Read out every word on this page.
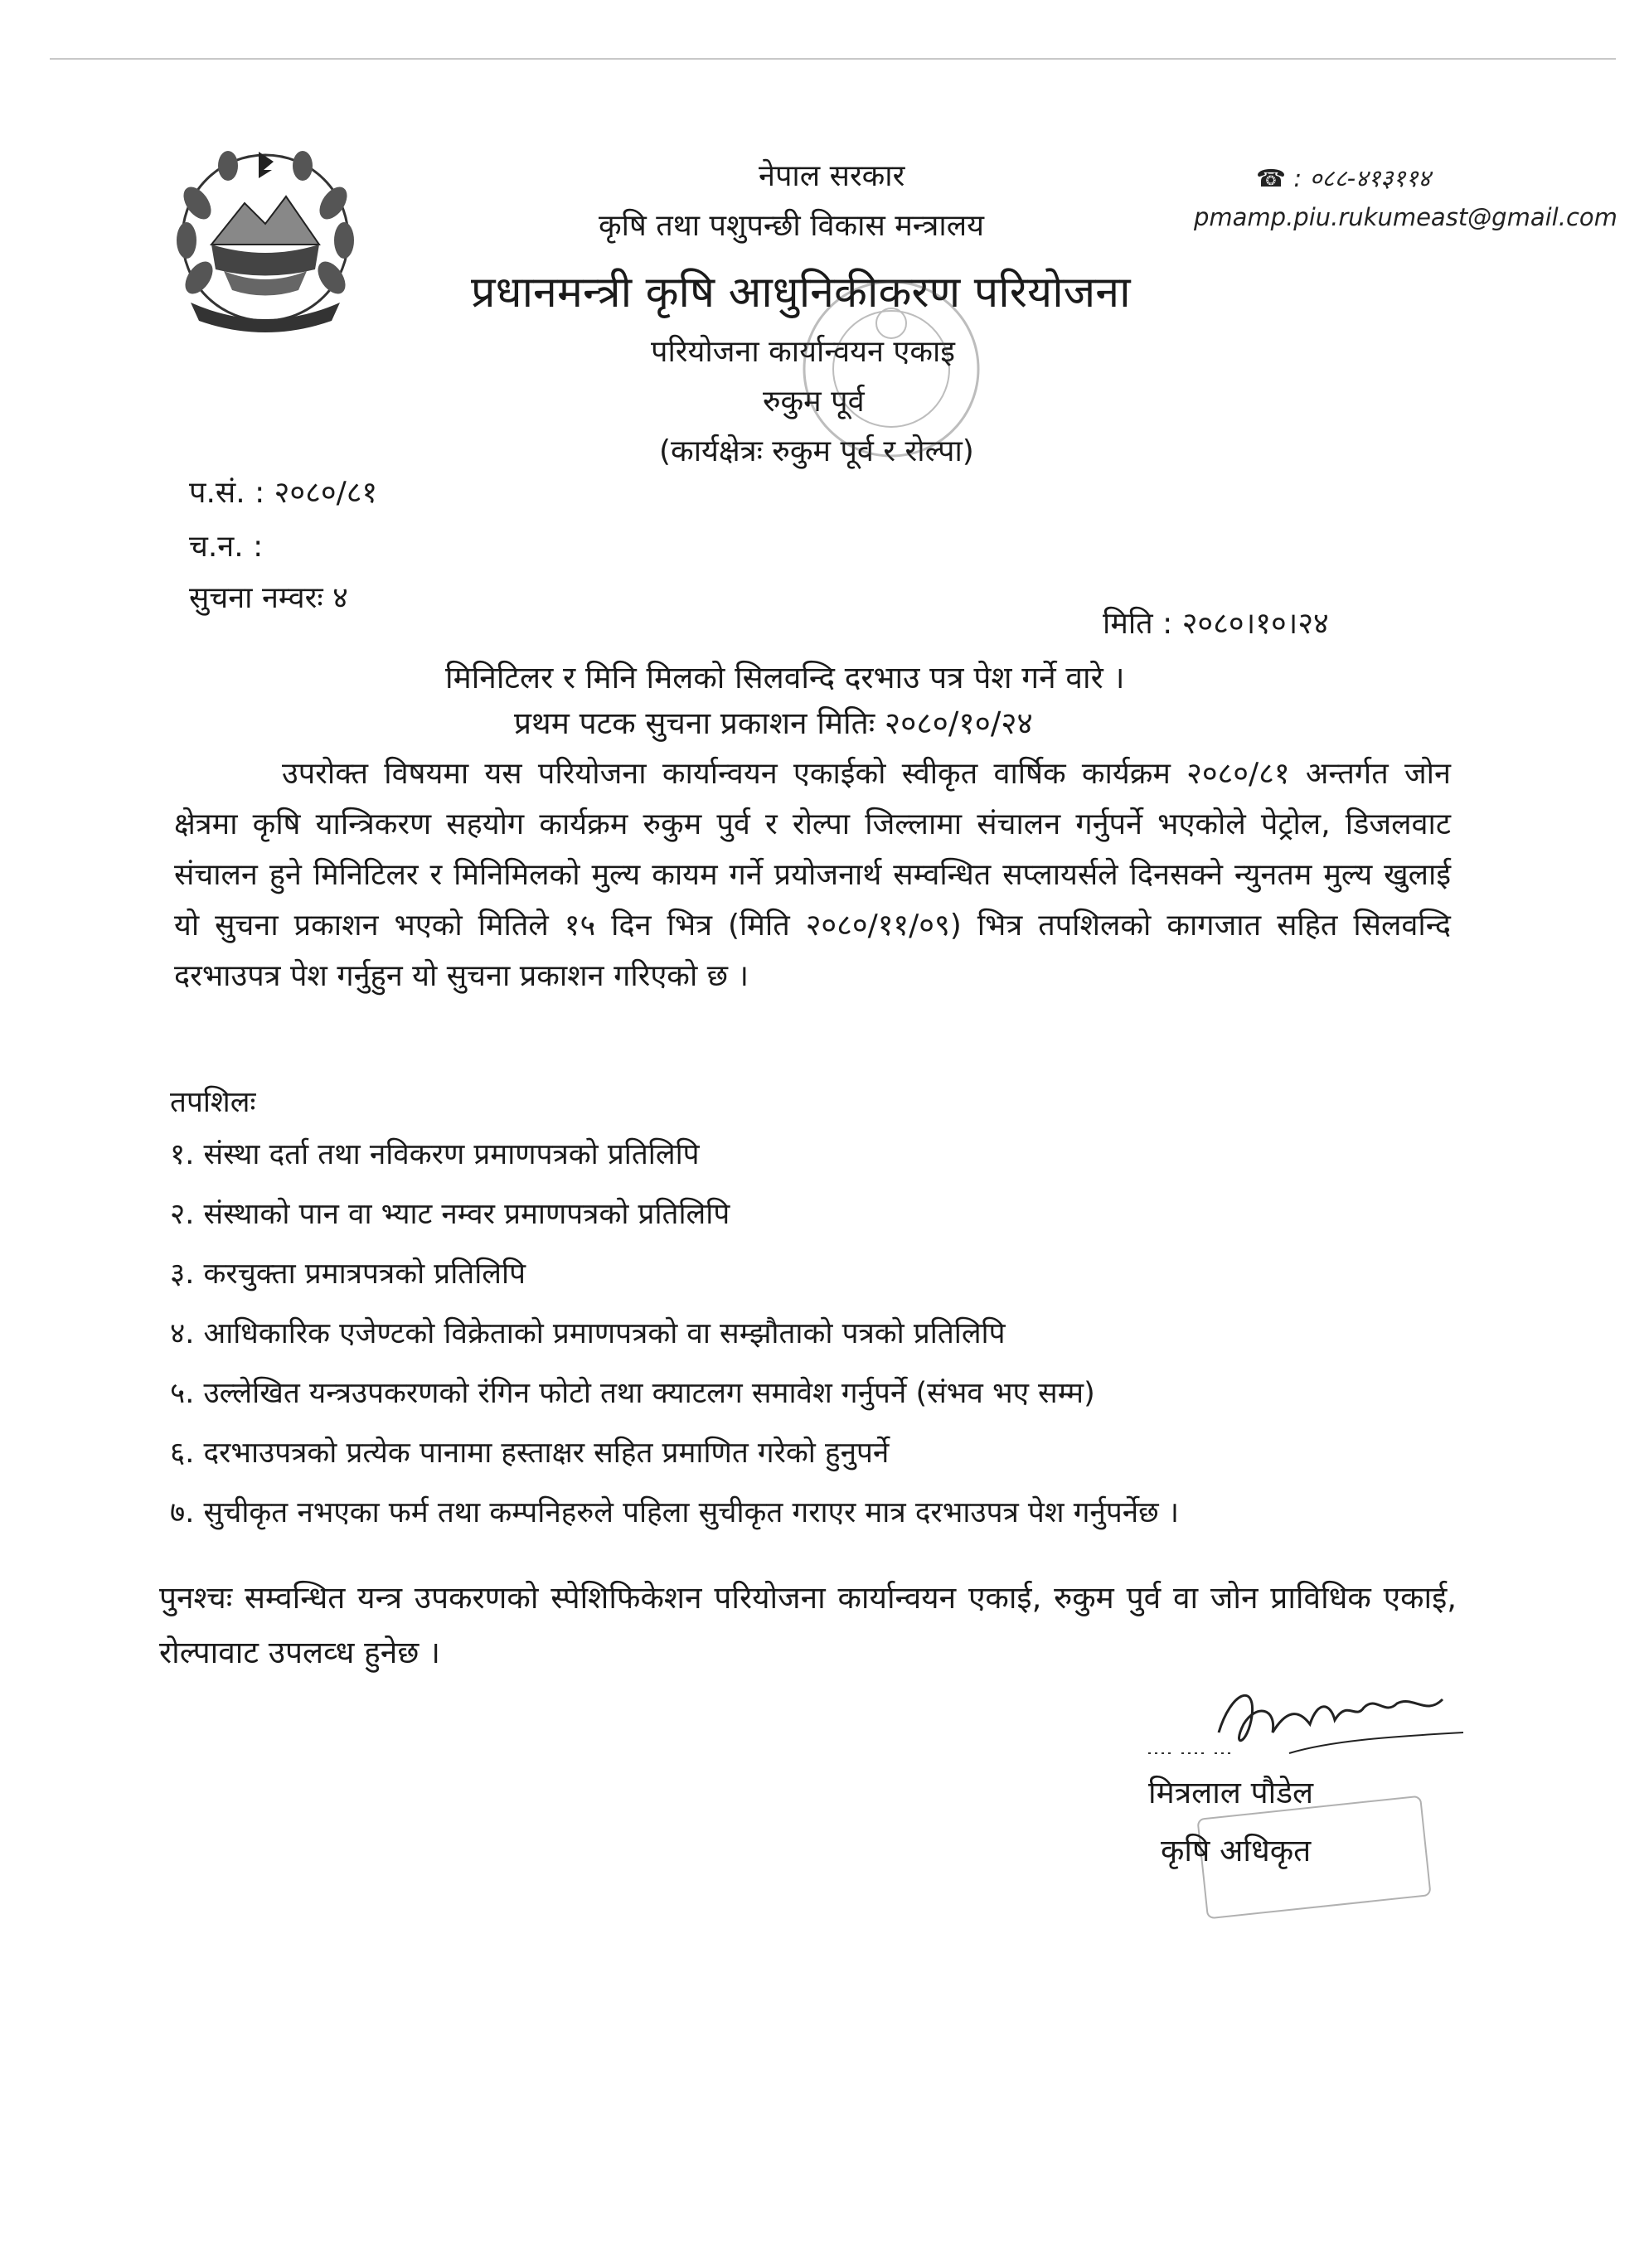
नेपाल सरकार
कृषि तथा पशुपन्छी विकास मन्त्रालय
प्रधानमन्त्री कृषि आधुनिकीकरण परियोजना
परियोजना कार्यान्वयन एकाइ
रुकुम पूर्व
(कार्यक्षेत्रः रुकुम पूर्व र रोल्पा)
☎ : ०८८-४१३११४
pmamp.piu.rukumeast@gmail.com
प.सं. : २०८०/८१
च.न. :
सुचना नम्वरः ४
मिति : २०८०।१०।२४
मिनिटिलर र मिनि मिलको सिलवन्दि दरभाउ पत्र पेश गर्ने वारे ।
प्रथम पटक सुचना प्रकाशन मितिः २०८०/१०/२४
उपरोक्त विषयमा यस परियोजना कार्यान्वयन एकाईको स्वीकृत वार्षिक कार्यक्रम २०८०/८१ अन्तर्गत जोन क्षेत्रमा कृषि यान्त्रिकरण सहयोग कार्यक्रम रुकुम पुर्व र रोल्पा जिल्लामा संचालन गर्नुपर्ने भएकोले पेट्रोल, डिजलवाट संचालन हुने मिनिटिलर र मिनिमिलको मुल्य कायम गर्ने प्रयोजनार्थ सम्वन्धित सप्लायर्सले दिनसक्ने न्युनतम मुल्य खुलाई यो सुचना प्रकाशन भएको मितिले १५ दिन भित्र (मिति २०८०/११/०९) भित्र तपशिलको कागजात सहित सिलवन्दि दरभाउपत्र पेश गर्नुहुन यो सुचना प्रकाशन गरिएको छ ।
तपशिलः
१. संस्था दर्ता तथा नविकरण प्रमाणपत्रको प्रतिलिपि
२. संस्थाको पान वा भ्याट नम्वर प्रमाणपत्रको प्रतिलिपि
३. करचुक्ता प्रमात्रपत्रको प्रतिलिपि
४. आधिकारिक एजेण्टको विक्रेताको प्रमाणपत्रको वा सम्झौताको पत्रको प्रतिलिपि
५. उल्लेखित यन्त्रउपकरणको रंगिन फोटो तथा क्याटलग समावेश गर्नुपर्ने (संभव भए सम्म)
६. दरभाउपत्रको प्रत्येक पानामा हस्ताक्षर सहित प्रमाणित गरेको हुनुपर्ने
७. सुचीकृत नभएका फर्म तथा कम्पनिहरुले पहिला सुचीकृत गराएर मात्र दरभाउपत्र पेश गर्नुपर्नेछ ।
पुनश्चः सम्वन्धित यन्त्र उपकरणको स्पेशिफिकेशन परियोजना कार्यान्वयन एकाई, रुकुम पुर्व वा जोन प्राविधिक एकाई, रोल्पावाट उपलव्ध हुनेछ ।
मित्रलाल पौडेल
कृषि अधिकृत
